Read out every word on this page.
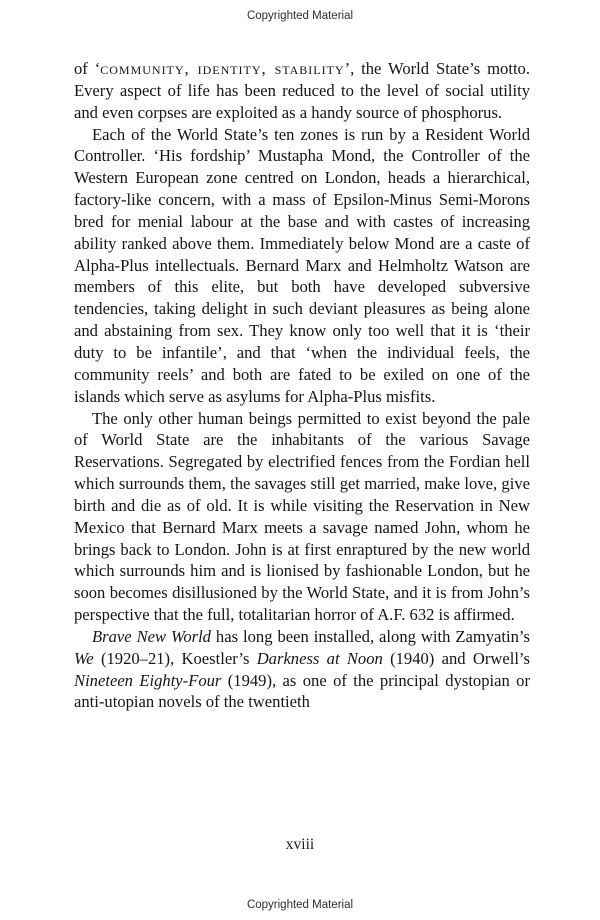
Copyrighted Material

of ‘community, identity, stability’, the World State’s motto. Every aspect of life has been reduced to the level of social utility and even corpses are exploited as a handy source of phosphorus.

Each of the World State’s ten zones is run by a Resident World Controller. ‘His fordship’ Mustapha Mond, the Controller of the Western European zone centred on London, heads a hierarchical, factory-like concern, with a mass of Epsilon-Minus Semi-Morons bred for menial labour at the base and with castes of increasing ability ranked above them. Immediately below Mond are a caste of Alpha-Plus intellectuals. Bernard Marx and Helmholtz Watson are members of this elite, but both have developed subversive tendencies, taking delight in such deviant pleasures as being alone and abstaining from sex. They know only too well that it is ‘their duty to be infantile’, and that ‘when the individual feels, the community reels’ and both are fated to be exiled on one of the islands which serve as asylums for Alpha-Plus misfits.

The only other human beings permitted to exist beyond the pale of World State are the inhabitants of the various Savage Reservations. Segregated by electrified fences from the Fordian hell which surrounds them, the savages still get married, make love, give birth and die as of old. It is while visiting the Reservation in New Mexico that Bernard Marx meets a savage named John, whom he brings back to London. John is at first enraptured by the new world which surrounds him and is lionised by fashionable London, but he soon becomes disillusioned by the World State, and it is from John’s perspective that the full, totalitarian horror of A.F. 632 is affirmed.

Brave New World has long been installed, along with Zamyatin’s We (1920–21), Koestler’s Darkness at Noon (1940) and Orwell’s Nineteen Eighty-Four (1949), as one of the principal dystopian or anti-utopian novels of the twentieth

xviii
Copyrighted Material
